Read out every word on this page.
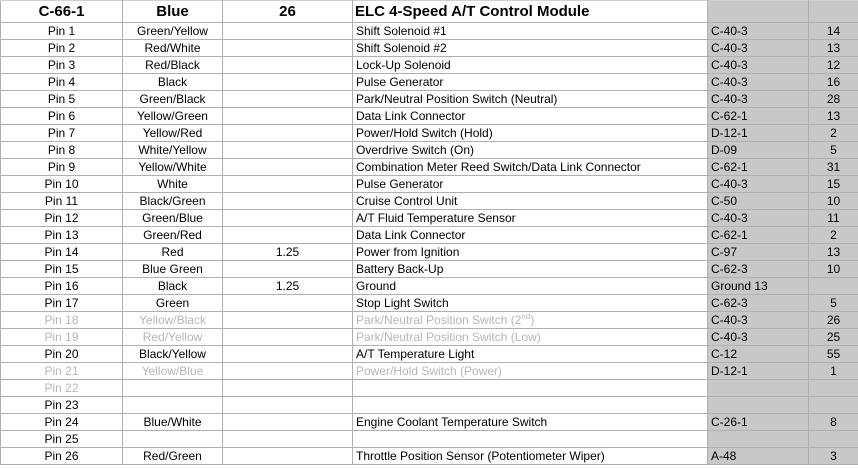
C-66-1	Blue	26	ELC 4-Speed A/T Control Module		
Pin 1	Green/Yellow		Shift Solenoid #1	C-40-3	14
Pin 2	Red/White		Shift Solenoid #2	C-40-3	13
Pin 3	Red/Black		Lock-Up Solenoid	C-40-3	12
Pin 4	Black		Pulse Generator	C-40-3	16
Pin 5	Green/Black		Park/Neutral Position Switch (Neutral)	C-40-3	28
Pin 6	Yellow/Green		Data Link Connector	C-62-1	13
Pin 7	Yellow/Red		Power/Hold Switch (Hold)	D-12-1	2
Pin 8	White/Yellow		Overdrive Switch (On)	D-09	5
Pin 9	Yellow/White		Combination Meter Reed Switch/Data Link Connector	C-62-1	31
Pin 10	White		Pulse Generator	C-40-3	15
Pin 11	Black/Green		Cruise Control Unit	C-50	10
Pin 12	Green/Blue		A/T Fluid Temperature Sensor	C-40-3	11
Pin 13	Green/Red		Data Link Connector	C-62-1	2
Pin 14	Red	1.25	Power from Ignition	C-97	13
Pin 15	Blue Green		Battery Back-Up	C-62-3	10
Pin 16	Black	1.25	Ground	Ground 13	
Pin 17	Green		Stop Light Switch	C-62-3	5
Pin 18	Yellow/Black		Park/Neutral Position Switch (2nd)	C-40-3	26
Pin 19	Red/Yellow		Park/Neutral Position Switch (Low)	C-40-3	25
Pin 20	Black/Yellow		A/T Temperature Light	C-12	55
Pin 21	Yellow/Blue		Power/Hold Switch (Power)	D-12-1	1
Pin 22					
Pin 23					
Pin 24	Blue/White		Engine Coolant Temperature Switch	C-26-1	8
Pin 25					
Pin 26	Red/Green		Throttle Position Sensor (Potentiometer Wiper)	A-48	3
